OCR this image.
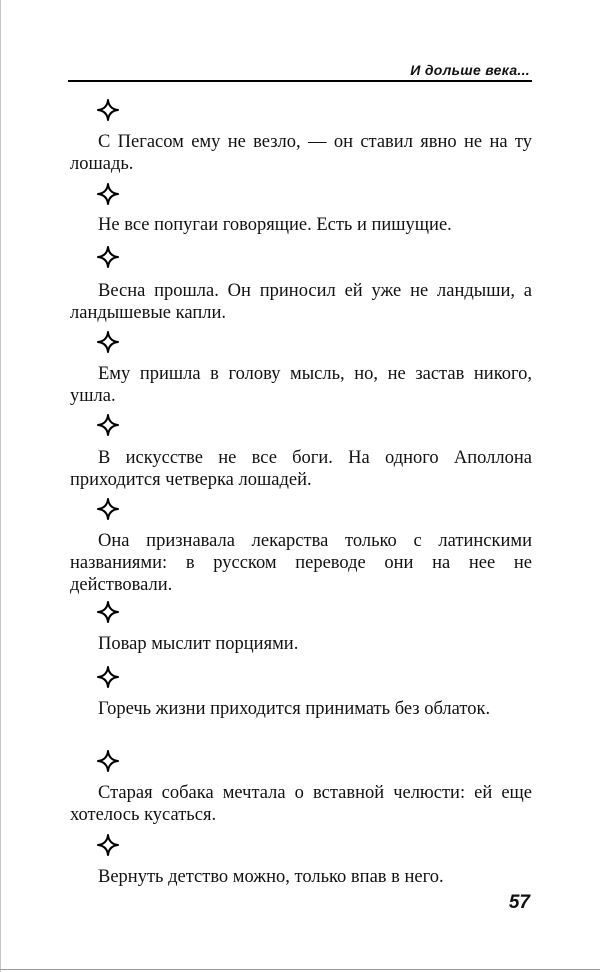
И дольше века...

С Пегасом ему не везло, — он ставил явно не на ту лошадь.

Не все попугаи говорящие. Есть и пишущие.

Весна прошла. Он приносил ей уже не ландыши, а ландышевые капли.

Ему пришла в голову мысль, но, не застав никого, ушла.

В искусстве не все боги. На одного Аполлона приходится четверка лошадей.

Она признавала лекарства только с латинскими названиями: в русском переводе они на нее не действовали.

Повар мыслит порциями.

Горечь жизни приходится принимать без облаток.

Старая собака мечтала о вставной челюсти: ей еще хотелось кусаться.

Вернуть детство можно, только впав в него.

57
